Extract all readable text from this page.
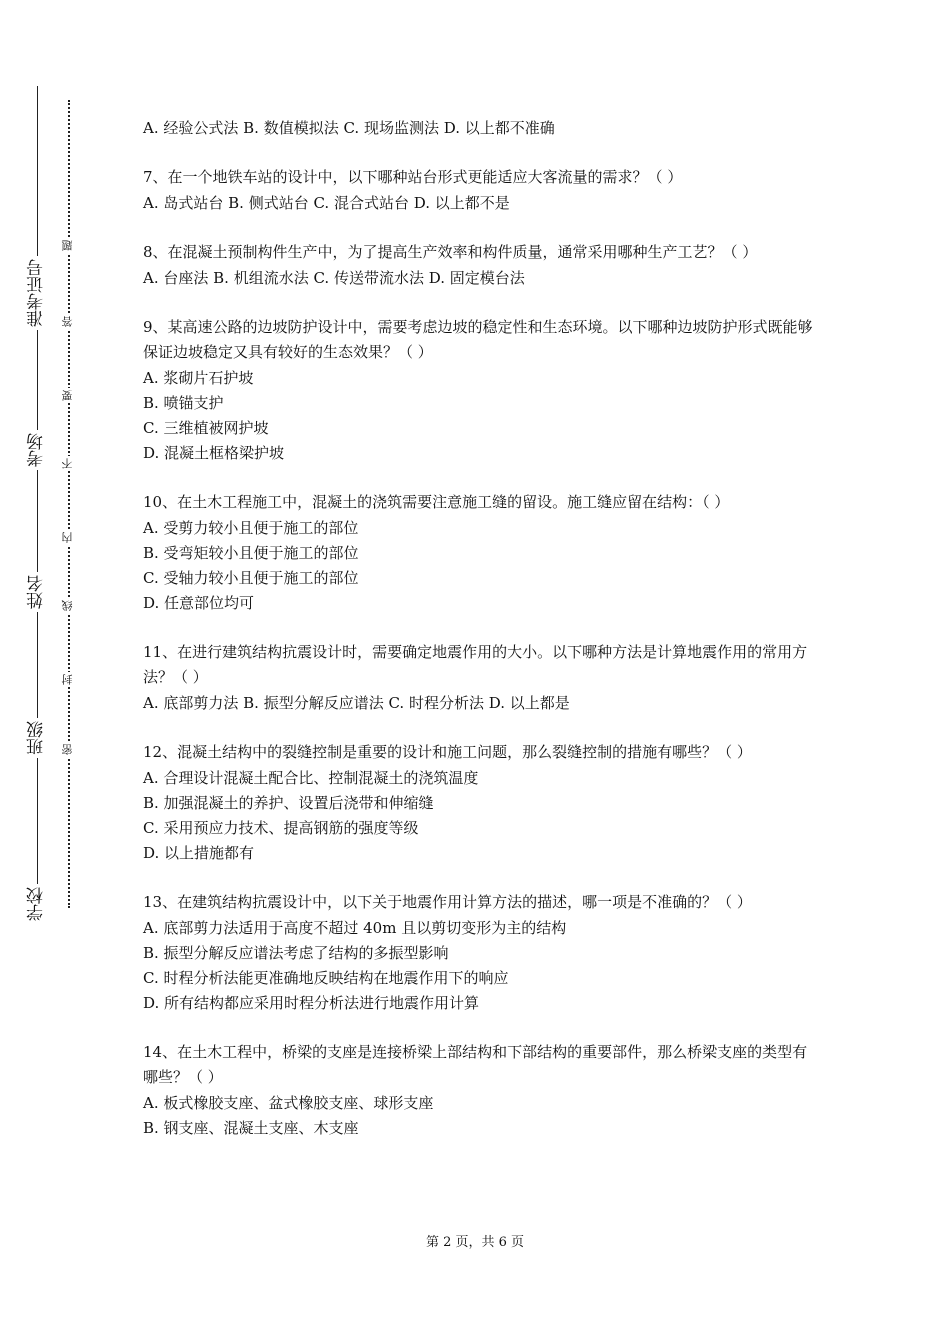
准考证号
考场
姓名
班级
学校
题
答
要
不
内
线
封
密

A. 经验公式法 B. 数值模拟法 C. 现场监测法 D. 以上都不准确

7、在一个地铁车站的设计中，以下哪种站台形式更能适应大客流量的需求？（ ）

A. 岛式站台 B. 侧式站台 C. 混合式站台 D. 以上都不是

8、在混凝土预制构件生产中，为了提高生产效率和构件质量，通常采用哪种生产工艺？（ ）

A. 台座法 B. 机组流水法 C. 传送带流水法 D. 固定模台法

9、某高速公路的边坡防护设计中，需要考虑边坡的稳定性和生态环境。以下哪种边坡防护形式既能够保证边坡稳定又具有较好的生态效果？（ ）

A. 浆砌片石护坡

B. 喷锚支护

C. 三维植被网护坡

D. 混凝土框格梁护坡

10、在土木工程施工中，混凝土的浇筑需要注意施工缝的留设。施工缝应留在结构：（ ）

A. 受剪力较小且便于施工的部位

B. 受弯矩较小且便于施工的部位

C. 受轴力较小且便于施工的部位

D. 任意部位均可

11、在进行建筑结构抗震设计时，需要确定地震作用的大小。以下哪种方法是计算地震作用的常用方法？（ ）

A. 底部剪力法 B. 振型分解反应谱法 C. 时程分析法 D. 以上都是

12、混凝土结构中的裂缝控制是重要的设计和施工问题，那么裂缝控制的措施有哪些？（ ）

A. 合理设计混凝土配合比、控制混凝土的浇筑温度

B. 加强混凝土的养护、设置后浇带和伸缩缝

C. 采用预应力技术、提高钢筋的强度等级

D. 以上措施都有

13、在建筑结构抗震设计中，以下关于地震作用计算方法的描述，哪一项是不准确的？（ ）

A. 底部剪力法适用于高度不超过 40m 且以剪切变形为主的结构

B. 振型分解反应谱法考虑了结构的多振型影响

C. 时程分析法能更准确地反映结构在地震作用下的响应

D. 所有结构都应采用时程分析法进行地震作用计算

14、在土木工程中，桥梁的支座是连接桥梁上部结构和下部结构的重要部件，那么桥梁支座的类型有哪些？（ ）

A. 板式橡胶支座、盆式橡胶支座、球形支座

B. 钢支座、混凝土支座、木支座

第 2 页，共 6 页
